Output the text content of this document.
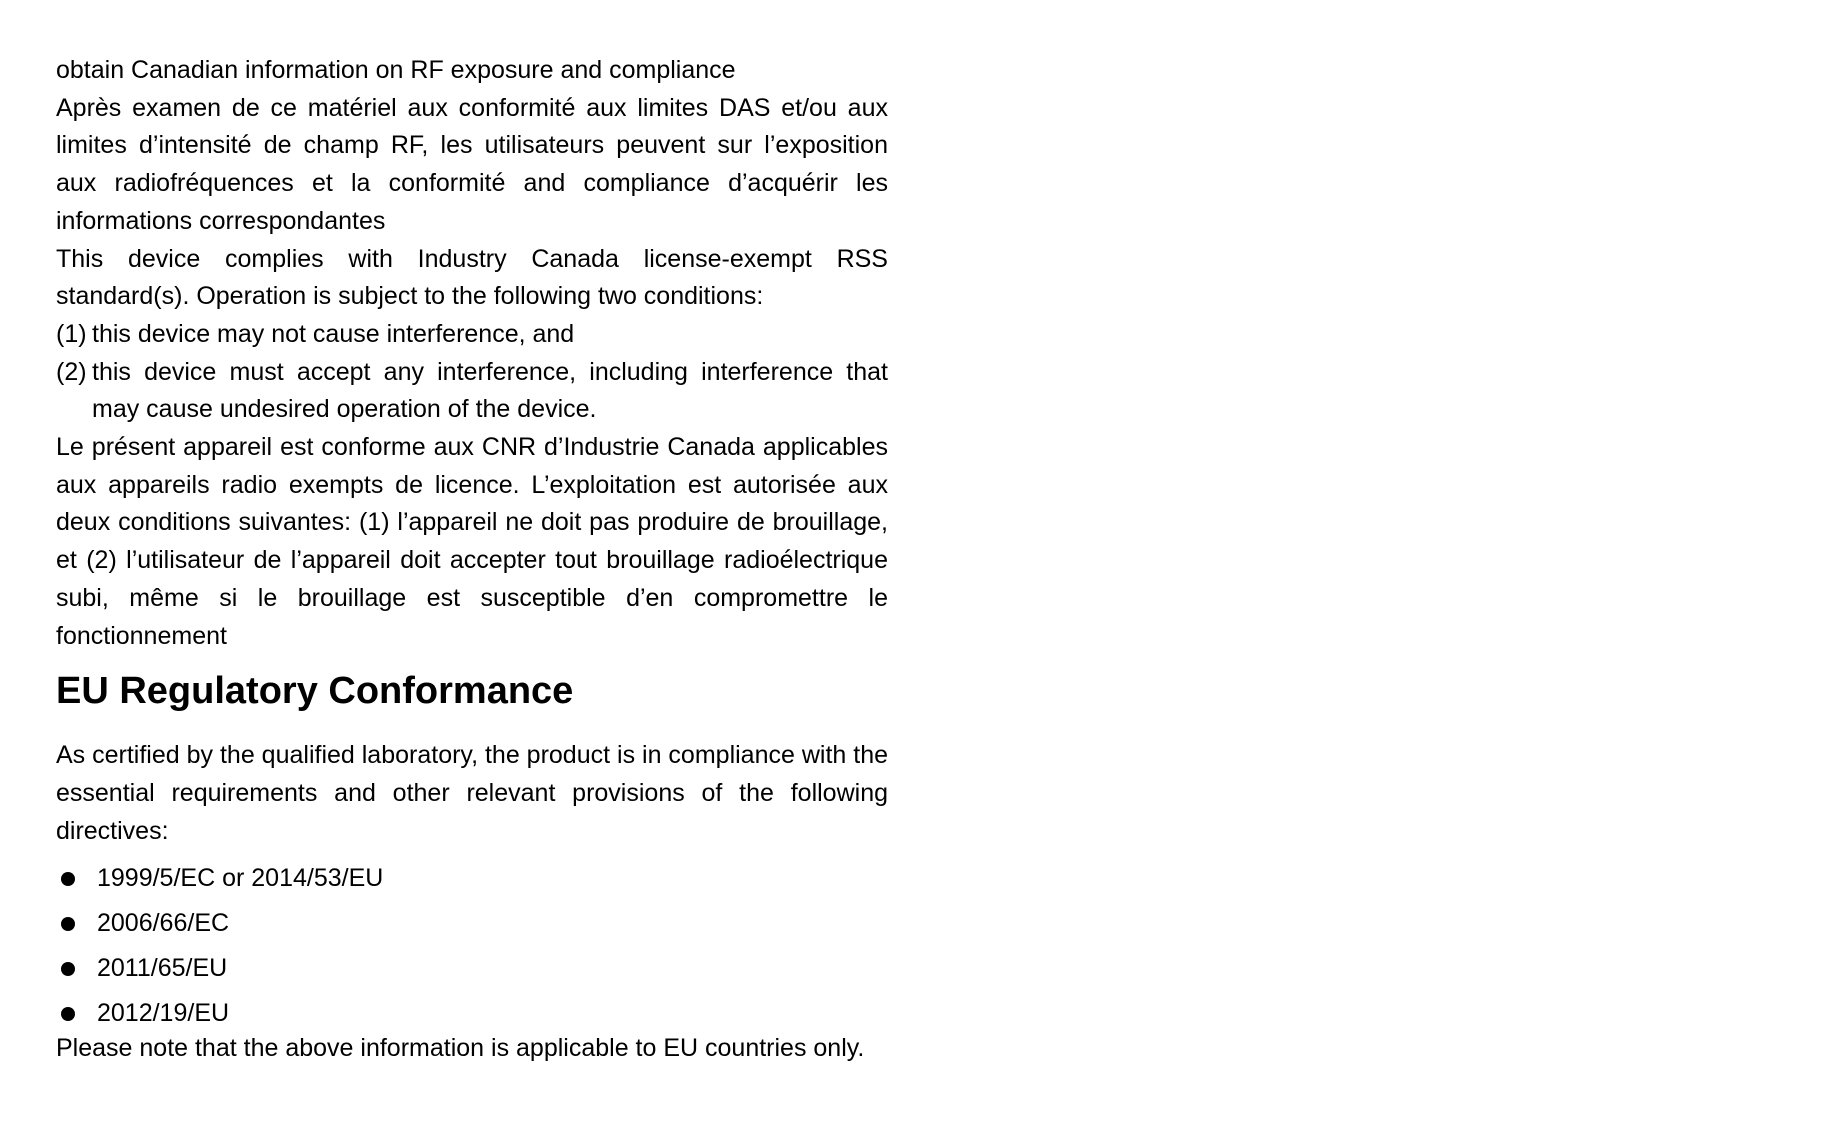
obtain Canadian information on RF exposure and compliance

Après examen de ce matériel aux conformité aux limites DAS et/ou aux limites d’intensité de champ RF, les utilisateurs peuvent sur l’exposition aux radiofréquences et la conformité and compliance d’acquérir les informations correspondantes

This device complies with Industry Canada license-exempt RSS standard(s). Operation is subject to the following two conditions:

(1) this device may not cause interference, and
(2) this device must accept any interference, including interference that may cause undesired operation of the device.

Le présent appareil est conforme aux CNR d’Industrie Canada applicables aux appareils radio exempts de licence. L’exploitation est autorisée aux deux conditions suivantes: (1) l’appareil ne doit pas produire de brouillage, et (2) l’utilisateur de l’appareil doit accepter tout brouillage radioélectrique subi, même si le brouillage est susceptible d’en compromettre le fonctionnement

EU Regulatory Conformance

As certified by the qualified laboratory, the product is in compliance with the essential requirements and other relevant provisions of the following directives:

1999/5/EC or 2014/53/EU
2006/66/EC
2011/65/EU
2012/19/EU

Please note that the above information is applicable to EU countries only.
